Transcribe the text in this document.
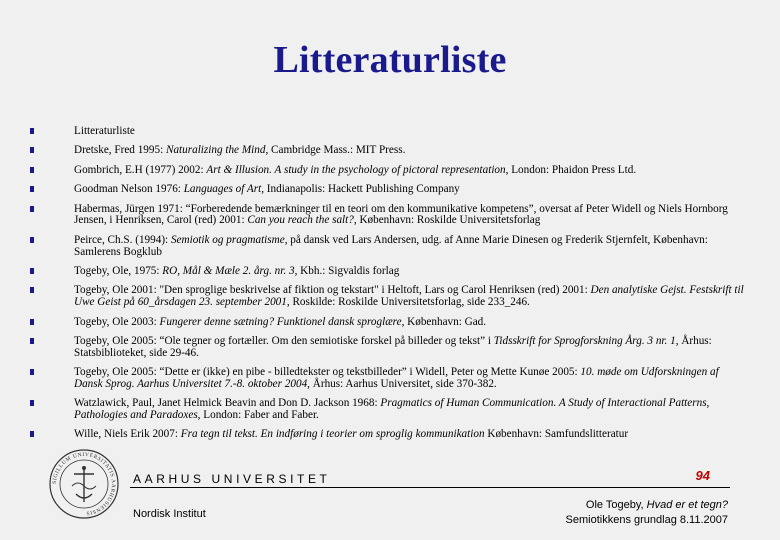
Litteraturliste
Litteraturliste
Dretske, Fred 1995: Naturalizing the Mind, Cambridge Mass.: MIT Press.
Gombrich, E.H (1977) 2002: Art & Illusion. A study in the psychology of pictoral representation, London: Phaidon Press Ltd.
Goodman Nelson 1976: Languages of Art, Indianapolis: Hackett Publishing Company
Habermas, Jürgen 1971: “Forberedende bemærkninger til en teori om den kommunikative kompetens”, oversat af Peter Widell og Niels Hornborg Jensen, i Henriksen, Carol (red) 2001: Can you reach the salt?, København: Roskilde Universitetsforlag
Peirce, Ch.S. (1994): Semiotik og pragmatisme, på dansk ved Lars Andersen, udg. af Anne Marie Dinesen og Frederik Stjernfelt, København: Samlerens Bogklub
Togeby, Ole, 1975: RO, Mål & Mæle 2. årg. nr. 3, Kbh.: Sigvaldis forlag
Togeby, Ole 2001: "Den sproglige beskrivelse af fiktion og tekstart" i Heltoft, Lars og Carol Henriksen (red) 2001: Den analytiske Gejst. Festskrift til Uwe Geist på 60_årsdagen 23. september 2001, Roskilde: Roskilde Universitetsforlag, side 233_246.
Togeby, Ole 2003: Fungerer denne sætning? Funktionel dansk sproglære, København: Gad.
Togeby, Ole 2005: “Ole tegner og fortæller. Om den semiotiske forskel på billeder og tekst” i Tidsskrift for Sprogforskning Årg. 3 nr. 1, Århus: Statsbiblioteket, side 29-46.
Togeby, Ole 2005: “Dette er (ikke) en pibe - billedtekster og tekstbilleder” i Widell, Peter og Mette Kunøe 2005: 10. møde om Udforskningen af Dansk Sprog. Aarhus Universitet 7.-8. oktober 2004, Århus: Aarhus Universitet, side 370-382.
Watzlawick, Paul, Janet Helmick Beavin and Don D. Jackson 1968: Pragmatics of Human Communication. A Study of Interactional Patterns, Pathologies and Paradoxes, London: Faber and Faber.
Wille, Niels Erik 2007: Fra tegn til tekst. En indføring i teorier om sproglig kommunikation København: Samfundslitteratur
SIGILLUM UNIVERSITATIS AARHUSIENSIS
AARHUS UNIVERSITET
Nordisk Institut
94
Ole Togeby, Hvad er et tegn?
Semiotikkens grundlag 8.11.2007
